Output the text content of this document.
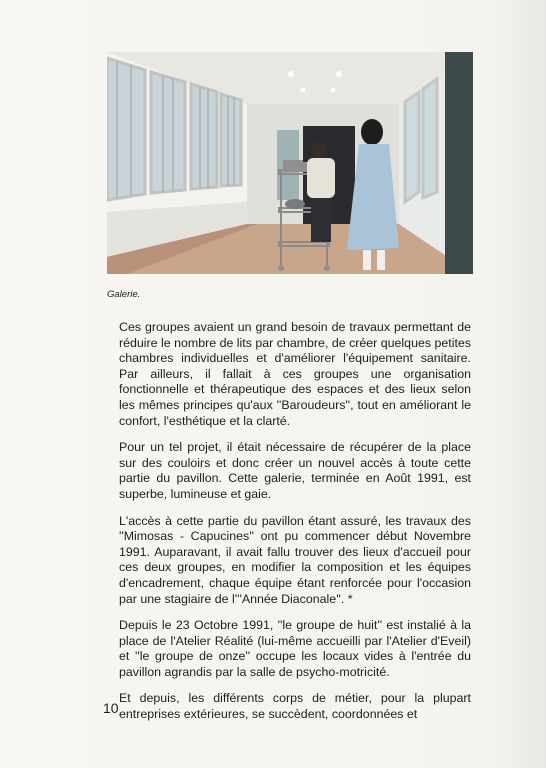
Galerie.

Ces groupes avaient un grand besoin de travaux permettant de réduire le nombre de lits par chambre, de créer quelques petites chambres individuelles et d'améliorer l'équipement sanitaire. Par ailleurs, il fallait à ces groupes une organisation fonctionnelle et thérapeutique des espaces et des lieux selon les mêmes principes qu'aux ''Baroudeurs'', tout en améliorant le confort, l'esthétique et la clarté.

Pour un tel projet, il était nécessaire de récupérer de la place sur des couloirs et donc créer un nouvel accès à toute cette partie du pavillon. Cette galerie, terminée en Août 1991, est superbe, lumineuse et gaie.

L'accès à cette partie du pavillon étant assuré, les travaux des ''Mimosas - Capucines'' ont pu commencer début Novembre 1991. Auparavant, il avait fallu trouver des lieux d'accueil pour ces deux groupes, en modifier la composition et les équipes d'encadrement, chaque équipe étant renforcée pour l'occasion par une stagiaire de l'''Année Diaconale''. *

Depuis le 23 Octobre 1991, ''le groupe de huit'' est instalié à la place de l'Atelier Réalité (lui-même accueilli par l'Atelier d'Eveil) et ''le groupe de onze'' occupe les locaux vides à l'entrée du pavillon agrandis par la salle de psycho-motricité.

Et depuis, les différents corps de métier, pour la plupart entreprises extérieures, se succèdent, coordonnées et

10
